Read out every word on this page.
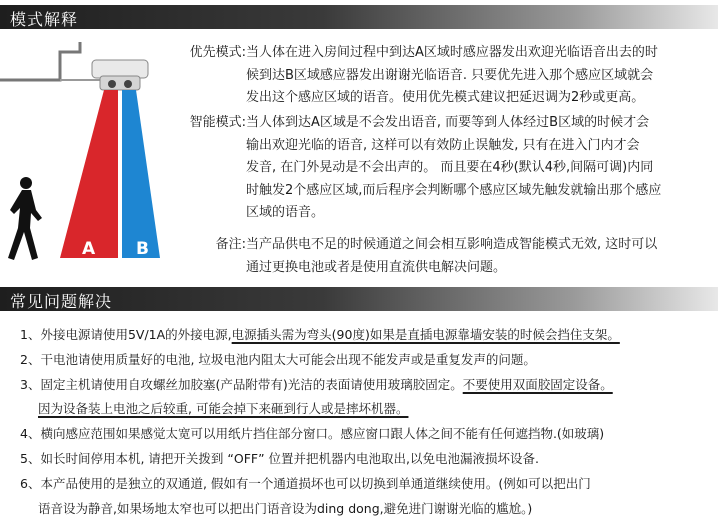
模式解释
A B
优先模式:当人体在进入房间过程中到达A区域时感应器发出欢迎光临语音出去的时
候到达B区域感应器发出谢谢光临语音. 只要优先进入那个感应区域就会
发出这个感应区域的语音。使用优先模式建议把延迟调为2秒或更高。
智能模式:当人体到达A区域是不会发出语音, 而要等到人体经过B区域的时候才会
输出欢迎光临的语音, 这样可以有效防止误触发, 只有在进入门内才会
发音, 在门外晃动是不会出声的。 而且要在4秒(默认4秒,间隔可调)内同
时触发2个感应区域,而后程序会判断哪个感应区域先触发就输出那个感应
区域的语音。
备注:当产品供电不足的时候通道之间会相互影响造成智能模式无效, 这时可以
通过更换电池或者是使用直流供电解决问题。
常见问题解决
1、外接电源请使用5V/1A的外接电源,电源插头需为弯头(90度)如果是直插电源靠墙安装的时候会挡住支架。
2、干电池请使用质量好的电池, 垃圾电池内阻太大可能会出现不能发声或是重复发声的问题。
3、固定主机请使用自攻螺丝加胶塞(产品附带有)光洁的表面请使用玻璃胶固定。不要使用双面胶固定设备。
因为设备装上电池之后较重, 可能会掉下来砸到行人或是摔坏机器。
4、横向感应范围如果感觉太宽可以用纸片挡住部分窗口。感应窗口跟人体之间不能有任何遮挡物.(如玻璃)
5、如长时间停用本机, 请把开关拨到 “OFF” 位置并把机器内电池取出,以免电池漏液损坏设备.
6、本产品使用的是独立的双通道, 假如有一个通道损坏也可以切换到单通道继续使用。(例如可以把出门
语音设为静音,如果场地太窄也可以把出门语音设为ding dong,避免进门谢谢光临的尴尬。)
